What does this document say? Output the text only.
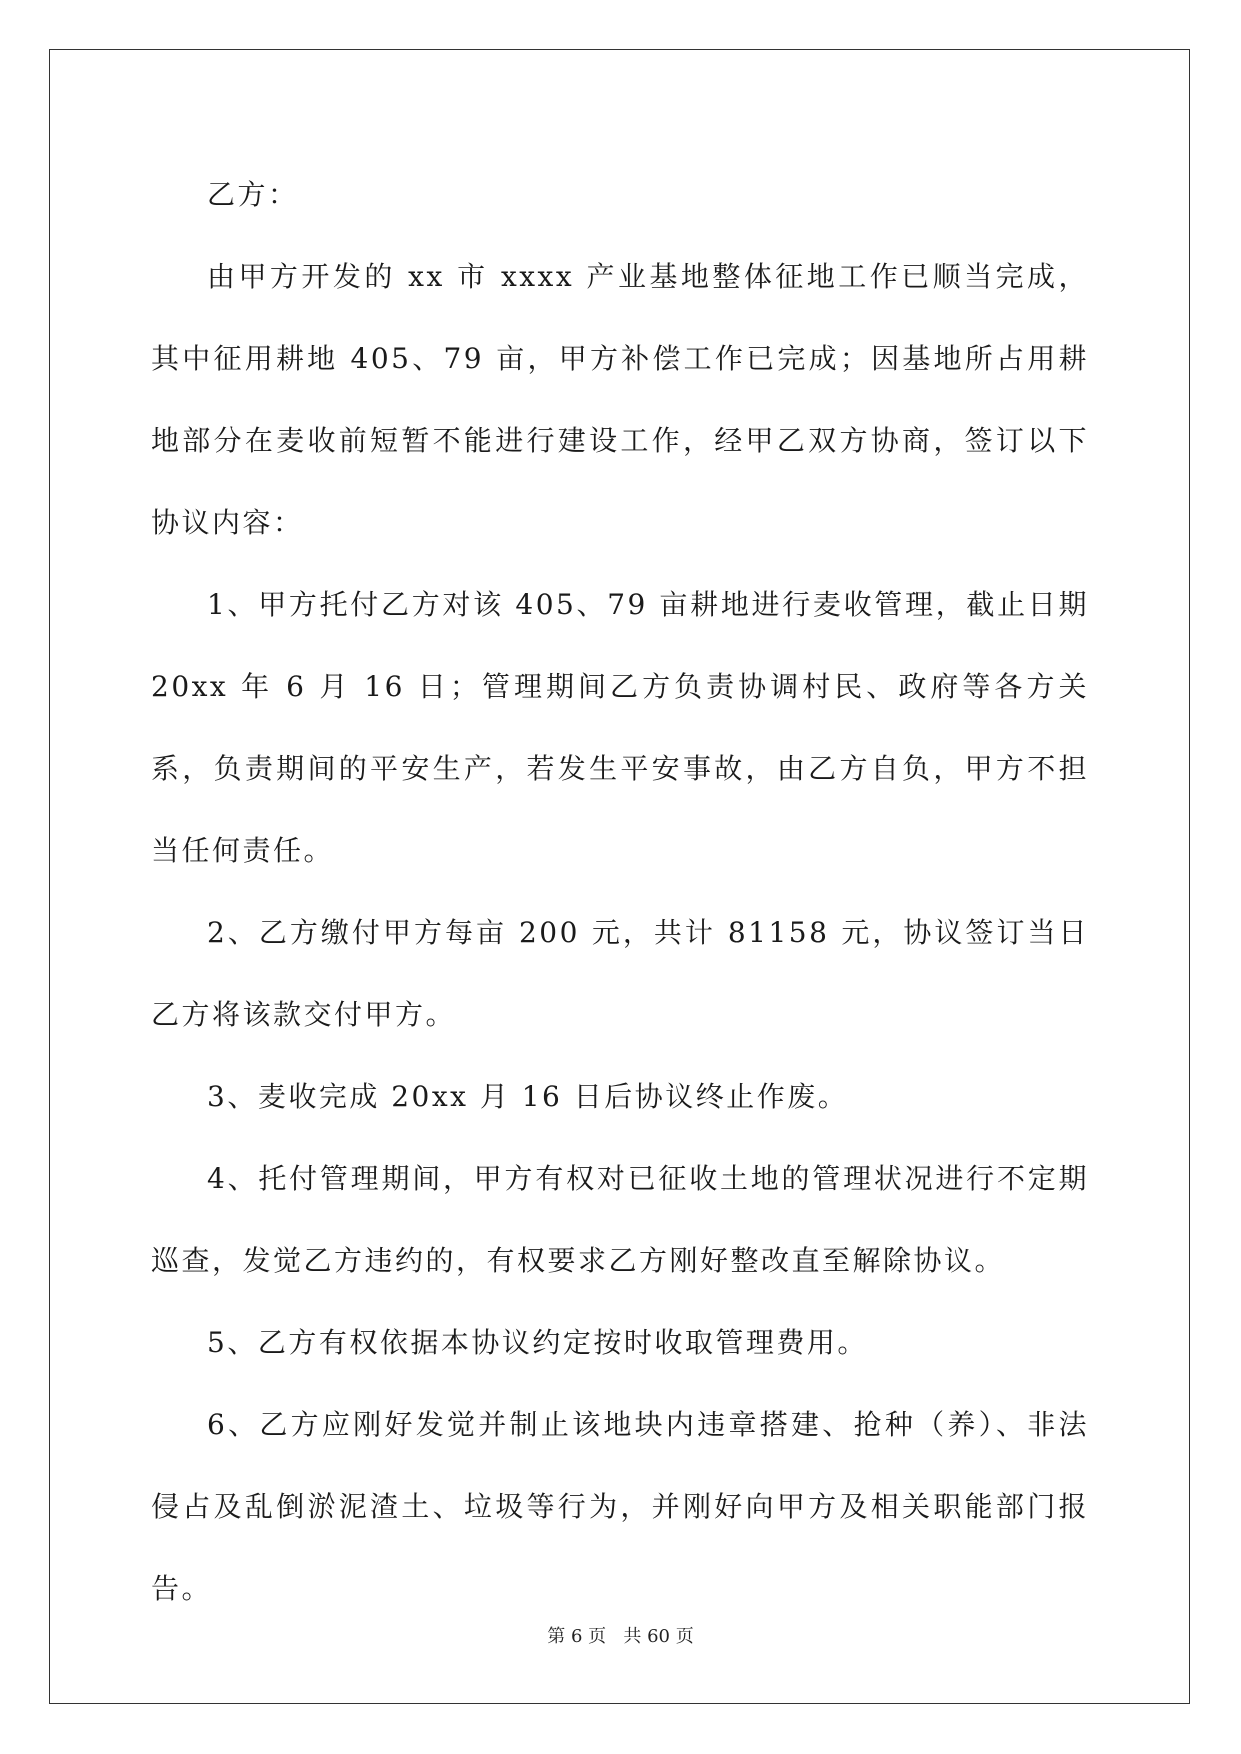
乙方：

由甲方开发的 xx 市 xxxx 产业基地整体征地工作已顺当完成，其中征用耕地 405、79 亩，甲方补偿工作已完成；因基地所占用耕地部分在麦收前短暂不能进行建设工作，经甲乙双方协商，签订以下协议内容：

1、甲方托付乙方对该 405、79 亩耕地进行麦收管理，截止日期 20xx 年 6 月 16 日；管理期间乙方负责协调村民、政府等各方关系，负责期间的平安生产，若发生平安事故，由乙方自负，甲方不担当任何责任。

2、乙方缴付甲方每亩 200 元，共计 81158 元，协议签订当日乙方将该款交付甲方。

3、麦收完成 20xx 月 16 日后协议终止作废。

4、托付管理期间，甲方有权对已征收土地的管理状况进行不定期巡查，发觉乙方违约的，有权要求乙方刚好整改直至解除协议。

5、乙方有权依据本协议约定按时收取管理费用。

6、乙方应刚好发觉并制止该地块内违章搭建、抢种（养）、非法侵占及乱倒淤泥渣土、垃圾等行为，并刚好向甲方及相关职能部门报告。

第 6 页 共 60 页
